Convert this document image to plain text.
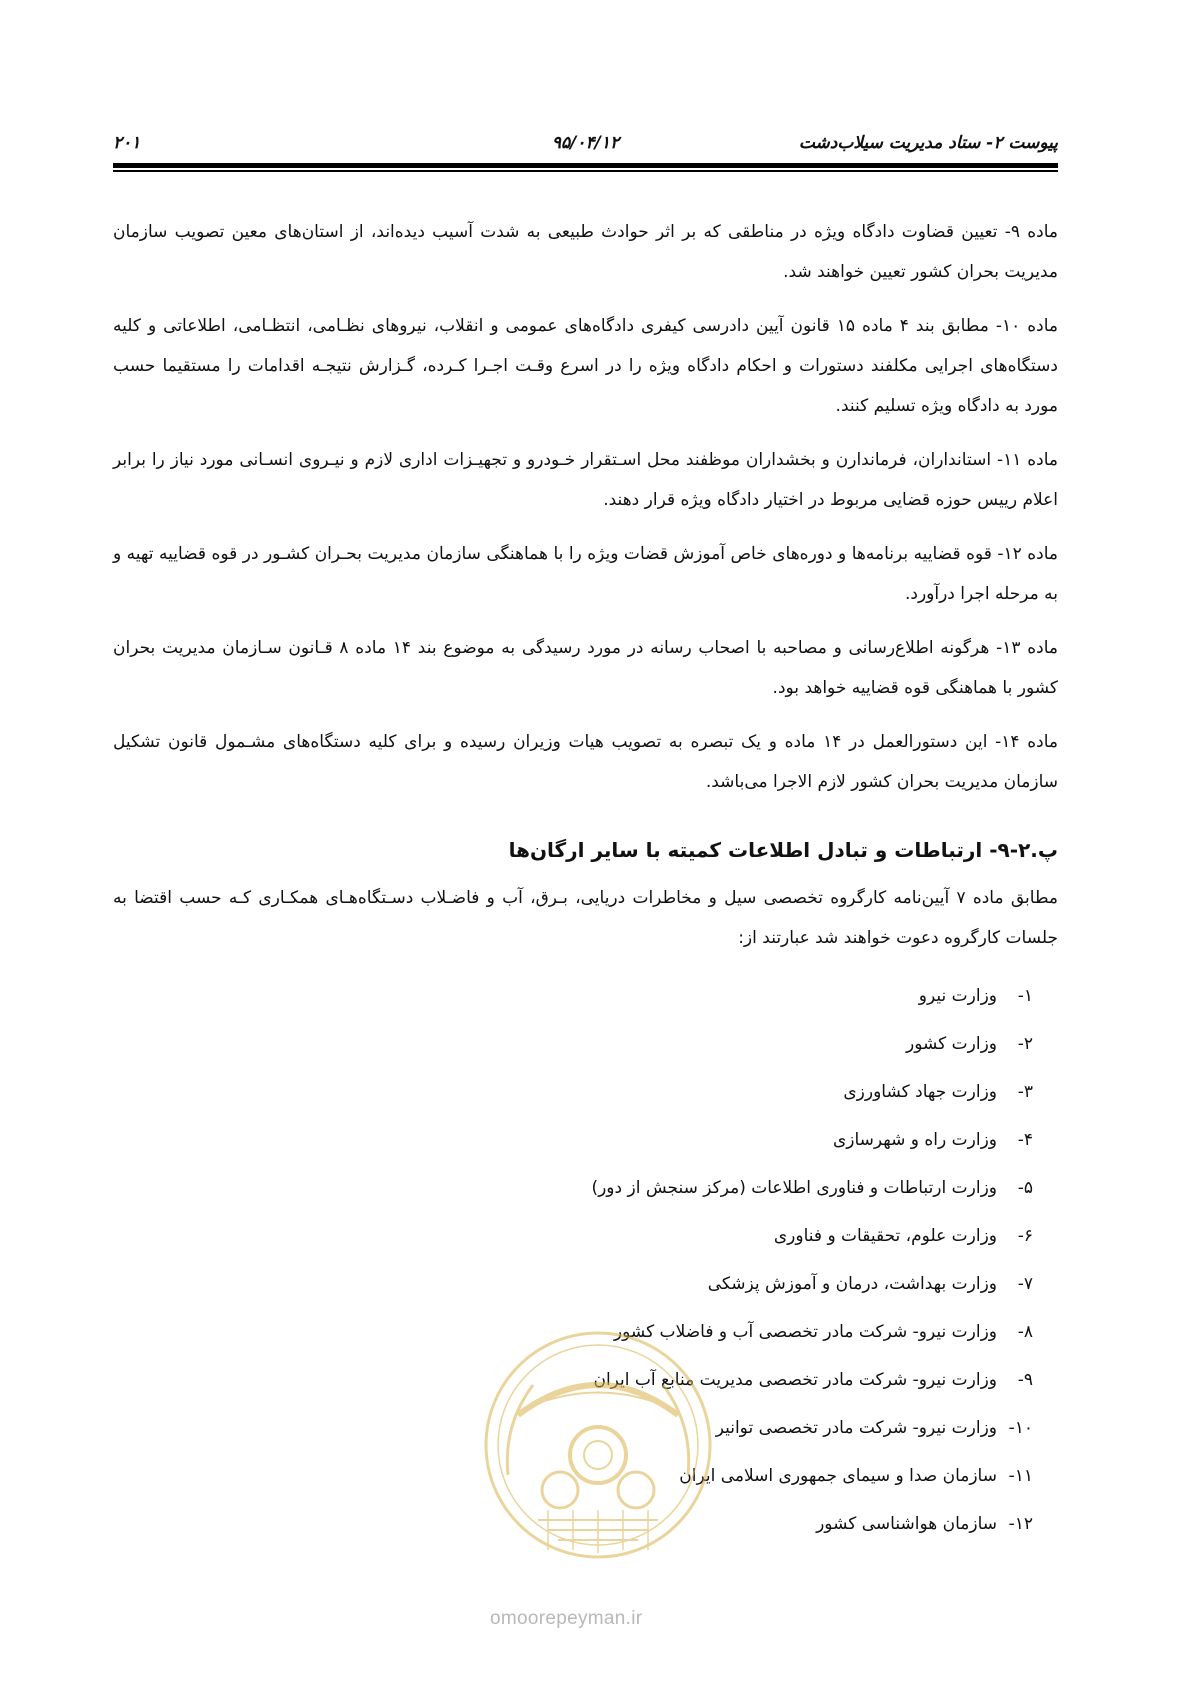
پیوست ۲- ستاد مدیریت سیلاب‌دشت
۹۵/۰۴/۱۲
۲۰۱

ماده ۹- تعیین قضاوت دادگاه ویژه در مناطقی که بر اثر حوادث طبیعی به شدت آسیب دیده‌اند، از استان‌های معین تصویب سازمان مدیریت بحران کشور تعیین خواهند شد.

ماده ۱۰- مطابق بند ۴ ماده ۱۵ قانون آیین دادرسی کیفری دادگاه‌های عمومی و انقلاب، نیروهای نظـامی، انتظـامی، اطلاعاتی و کلیه دستگاه‌های اجرایی مکلفند دستورات و احکام دادگاه ویژه را در اسرع وقـت اجـرا کـرده، گـزارش نتیجـه اقدامات را مستقیما حسب مورد به دادگاه ویژه تسلیم کنند.

ماده ۱۱- استانداران، فرماندارن و بخشداران موظفند محل اسـتقرار خـودرو و تجهیـزات اداری لازم و نیـروی انسـانی مورد نیاز را برابر اعلام رییس حوزه قضایی مربوط در اختیار دادگاه ویژه قرار دهند.

ماده ۱۲- قوه قضاییه برنامه‌ها و دوره‌های خاص آموزش قضات ویژه را با هماهنگی سازمان مدیریت بحـران کشـور در قوه قضاییه تهیه و به مرحله اجرا درآورد.

ماده ۱۳- هرگونه اطلاع‌رسانی و مصاحبه با اصحاب رسانه در مورد رسیدگی به موضوع بند ۱۴ ماده ۸ قـانون سـازمان مدیریت بحران کشور با هماهنگی قوه قضاییه خواهد بود.

ماده ۱۴- این دستورالعمل در ۱۴ ماده و یک تبصره به تصویب هیات وزیران رسیده و برای کلیه دستگاه‌های مشـمول قانون تشکیل سازمان مدیریت بحران کشور لازم الاجرا می‌باشد.

پ.۲-۹- ارتباطات و تبادل اطلاعات کمیته با سایر ارگان‌ها

مطابق ماده ۷ آیین‌نامه کارگروه تخصصی سیل و مخاطرات دریایی، بـرق، آب و فاضـلاب دسـتگاه‌هـای همکـاری کـه حسب اقتضا به جلسات کارگروه دعوت خواهند شد عبارتند از:

۱-
وزارت نیرو
۲-
وزارت کشور
۳-
وزارت جهاد کشاورزی
۴-
وزارت راه و شهرسازی
۵-
وزارت ارتباطات و فناوری اطلاعات (مرکز سنجش از دور)
۶-
وزارت علوم، تحقیقات و فناوری
۷-
وزارت بهداشت، درمان و آموزش پزشکی
۸-
وزارت نیرو- شرکت مادر تخصصی آب و فاضلاب کشور
۹-
وزارت نیرو- شرکت مادر تخصصی مدیریت منابع آب ایران
۱۰-
وزارت نیرو- شرکت مادر تخصصی توانیر
۱۱-
سازمان صدا و سیمای جمهوری اسلامی ایران
۱۲-
سازمان هواشناسی کشور
omoorepeyman.ir
